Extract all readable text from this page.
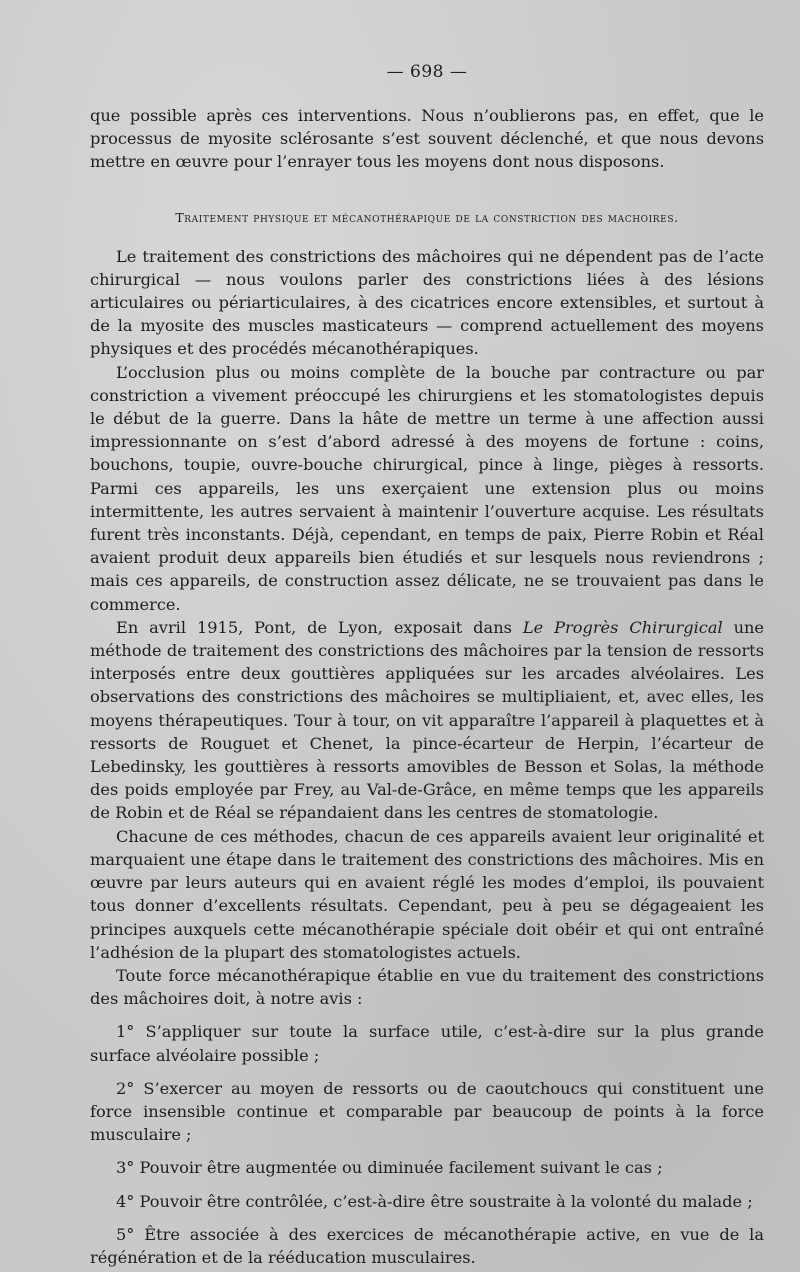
— 698 —

que possible après ces interventions. Nous n’oublierons pas, en effet, que le processus de myosite sclérosante s’est souvent déclenché, et que nous devons mettre en œuvre pour l’enrayer tous les moyens dont nous disposons.

Traitement physique et mécanothérapique de la constriction des machoires.

Le traitement des constrictions des mâchoires qui ne dépendent pas de l’acte chirurgical — nous voulons parler des constrictions liées à des lésions articulaires ou périarticulaires, à des cicatrices encore extensibles, et surtout à de la myosite des muscles masticateurs — comprend actuellement des moyens physiques et des procédés mécanothérapiques.

L’occlusion plus ou moins complète de la bouche par contracture ou par constriction a vivement préoccupé les chirurgiens et les stomatologistes depuis le début de la guerre. Dans la hâte de mettre un terme à une affection aussi impressionnante on s’est d’abord adressé à des moyens de fortune : coins, bouchons, toupie, ouvre-bouche chirurgical, pince à linge, pièges à ressorts. Parmi ces appareils, les uns exerçaient une extension plus ou moins intermittente, les autres servaient à maintenir l’ouverture acquise. Les résultats furent très inconstants. Déjà, cependant, en temps de paix, Pierre Robin et Réal avaient produit deux appareils bien étudiés et sur lesquels nous reviendrons ; mais ces appareils, de construction assez délicate, ne se trouvaient pas dans le commerce.

En avril 1915, Pont, de Lyon, exposait dans Le Progrès Chirurgical une méthode de traitement des constrictions des mâchoires par la tension de ressorts interposés entre deux gouttières appliquées sur les arcades alvéolaires. Les observations des constrictions des mâchoires se multipliaient, et, avec elles, les moyens thérapeutiques. Tour à tour, on vit apparaître l’appareil à plaquettes et à ressorts de Rouguet et Chenet, la pince-écarteur de Herpin, l’écarteur de Lebedinsky, les gouttières à ressorts amovibles de Besson et Solas, la méthode des poids employée par Frey, au Val-de-Grâce, en même temps que les appareils de Robin et de Réal se répandaient dans les centres de stomatologie.

Chacune de ces méthodes, chacun de ces appareils avaient leur originalité et marquaient une étape dans le traitement des constrictions des mâchoires. Mis en œuvre par leurs auteurs qui en avaient réglé les modes d’emploi, ils pouvaient tous donner d’excellents résultats. Cependant, peu à peu se dégageaient les principes auxquels cette mécanothérapie spéciale doit obéir et qui ont entraîné l’adhésion de la plupart des stomatologistes actuels.

Toute force mécanothérapique établie en vue du traitement des constrictions des mâchoires doit, à notre avis :

1° S’appliquer sur toute la surface utile, c’est-à-dire sur la plus grande surface alvéolaire possible ;

2° S’exercer au moyen de ressorts ou de caoutchoucs qui constituent une force insensible continue et comparable par beaucoup de points à la force musculaire ;

3° Pouvoir être augmentée ou diminuée facilement suivant le cas ;

4° Pouvoir être contrôlée, c’est-à-dire être soustraite à la volonté du malade ;

5° Être associée à des exercices de mécanothérapie active, en vue de la régénération et de la rééducation musculaires.
